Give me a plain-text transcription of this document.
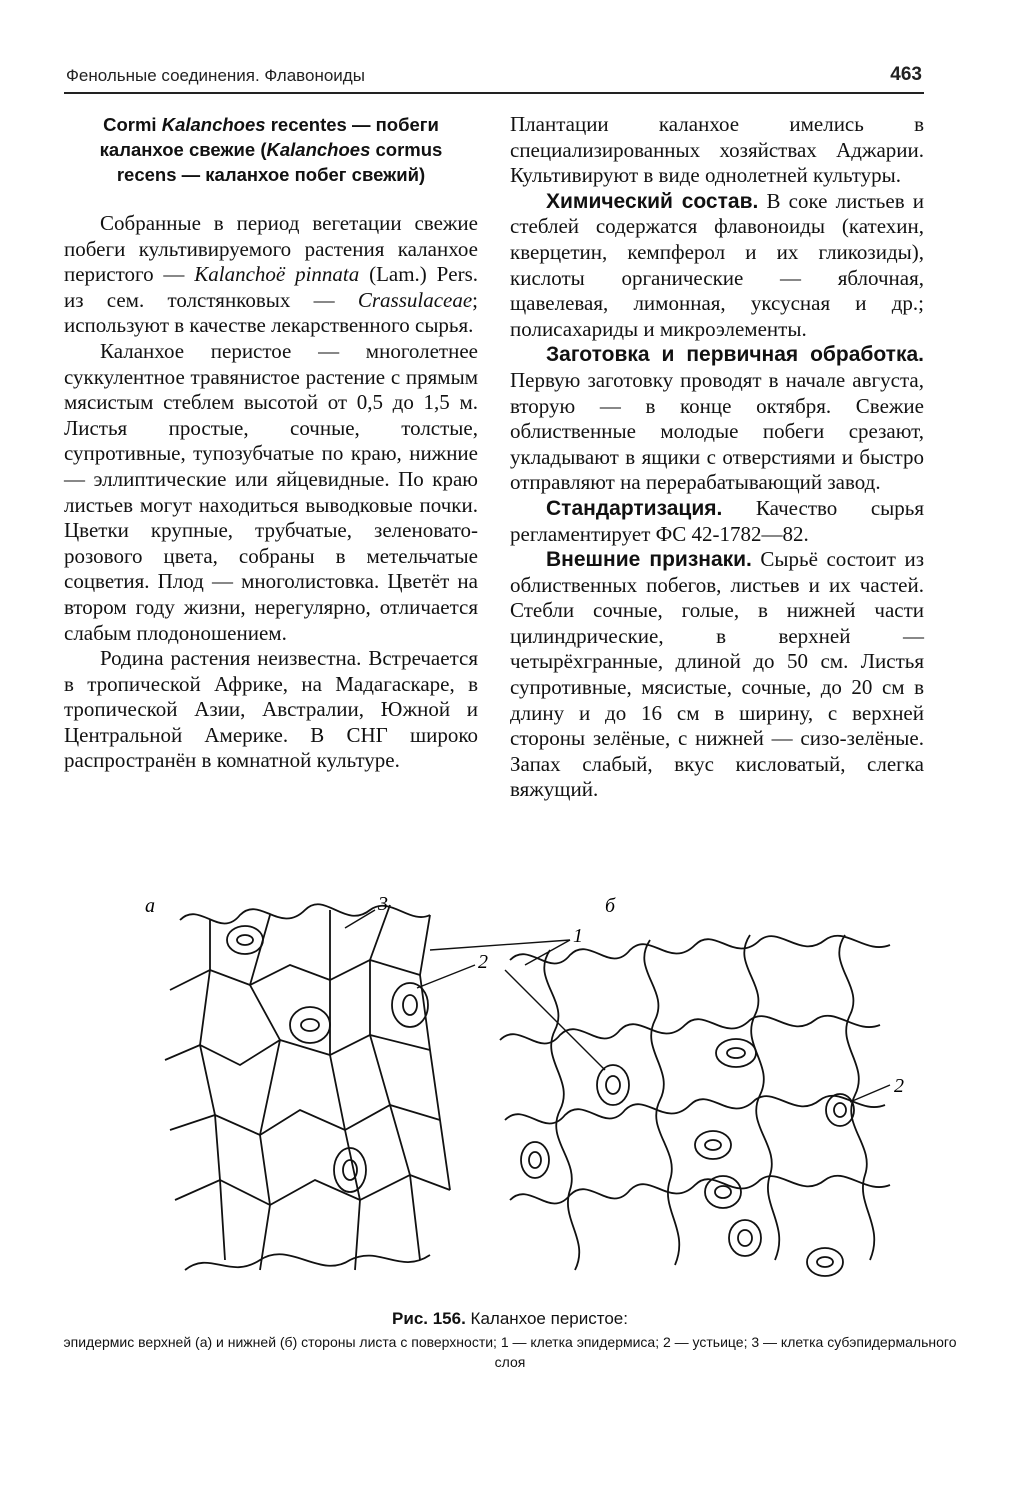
Фенольные соединения. Флавоноиды	463
Cormi Kalanchoes recentes — побеги
каланхое свежие (Kalanchoes cormus
recens — каланхое побег свежий)

Собранные в период вегетации свежие побеги культивируемого растения каланхое перистого — Kalanchoë pinnata (Lam.) Pers. из сем. толстянковых — Crassulaceae; используют в качестве лекарственного сырья.

Каланхое перистое — многолетнее суккулентное травянистое растение с прямым мясистым стеблем высотой от 0,5 до 1,5 м. Листья простые, сочные, толстые, супротивные, тупозубчатые по краю, нижние — эллиптические или яйцевидные. По краю листьев могут находиться выводковые почки. Цветки крупные, трубчатые, зеленовато-розового цвета, собраны в метельчатые соцветия. Плод — многолистовка. Цветёт на втором году жизни, нерегулярно, отличается слабым плодоношением.

Родина растения неизвестна. Встречается в тропической Африке, на Мадагаскаре, в тропической Азии, Австралии, Южной и Центральной Америке. В СНГ широко распространён в комнатной культуре.

Плантации каланхое имелись в специализированных хозяйствах Аджарии. Культивируют в виде однолетней культуры.

Химический состав. В соке листьев и стеблей содержатся флавоноиды (катехин, кверцетин, кемпферол и их гликозиды), кислоты органические — яблочная, щавелевая, лимонная, уксусная и др.; полисахариды и микроэлементы.

Заготовка и первичная обработка. Первую заготовку проводят в начале августа, вторую — в конце октября. Свежие облиственные молодые побеги срезают, укладывают в ящики с отверстиями и быстро отправляют на перерабатывающий завод.

Стандартизация. Качество сырья регламентирует ФС 42-1782—82.

Внешние признаки. Сырьё состоит из облиственных побегов, листьев и их частей. Стебли сочные, голые, в нижней части цилиндрические, в верхней — четырёхгранные, длиной до 50 см. Листья супротивные, мясистые, сочные, до 20 см в длину и до 16 см в ширину, с верхней стороны зелёные, с нижней — сизо-зелёные. Запах слабый, вкус кисловатый, слегка вяжущий.

а	б
3
1
2
2
Рис. 156. Каланхое перистое:
эпидермис верхней (а) и нижней (б) стороны листа с поверхности; 1 — клетка эпидермиса; 2 — устьице; 3 — клетка субэпидермального слоя
